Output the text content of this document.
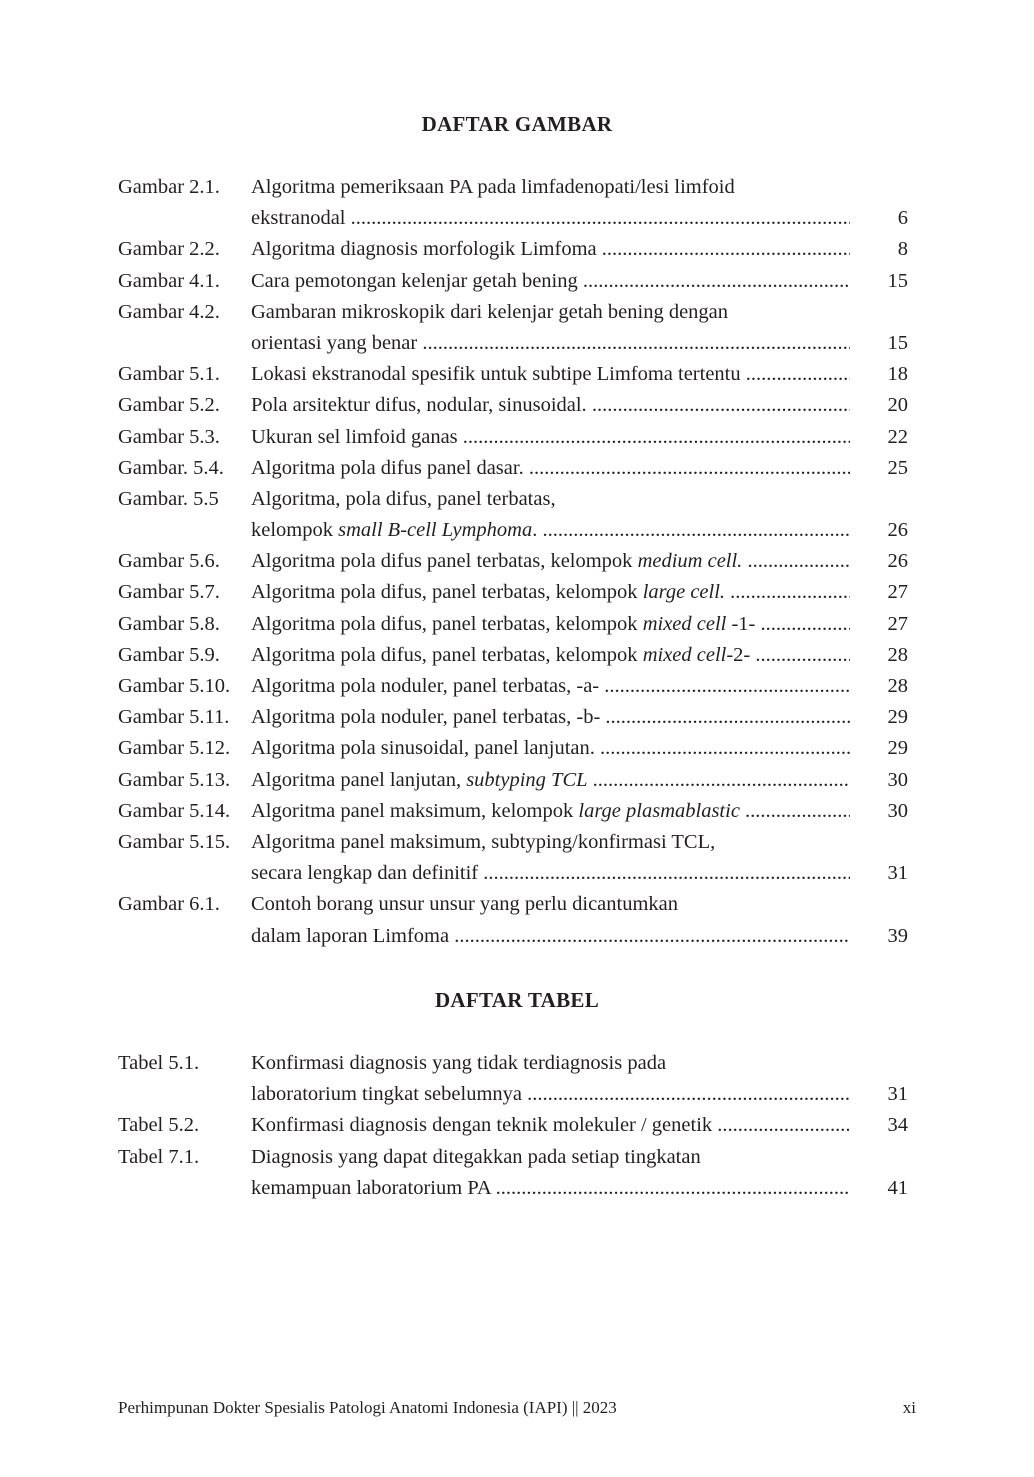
DAFTAR GAMBAR
Gambar 2.1. Algoritma pemeriksaan PA pada limfadenopati/lesi limfoid
ekstranodal .....	6
Gambar 2.2. Algoritma diagnosis morfologik Limfoma .....	8
Gambar 4.1. Cara pemotongan kelenjar getah bening .....	15
Gambar 4.2. Gambaran mikroskopik dari kelenjar getah bening dengan
orientasi yang benar .....	15
Gambar 5.1. Lokasi ekstranodal spesifik untuk subtipe Limfoma tertentu .....	18
Gambar 5.2. Pola arsitektur difus, nodular, sinusoidal. .....	20
Gambar 5.3. Ukuran sel limfoid ganas .....	22
Gambar. 5.4. Algoritma pola difus panel dasar. .....	25
Gambar. 5.5 Algoritma, pola difus, panel terbatas,
kelompok small B-cell Lymphoma. .....	26
Gambar 5.6. Algoritma pola difus panel terbatas, kelompok medium cell. .....	26
Gambar 5.7. Algoritma pola difus, panel terbatas, kelompok large cell. .....	27
Gambar 5.8. Algoritma pola difus, panel terbatas, kelompok mixed cell -1- .....	27
Gambar 5.9. Algoritma pola difus, panel terbatas, kelompok mixed cell-2- .....	28
Gambar 5.10. Algoritma pola noduler, panel terbatas, -a- .....	28
Gambar 5.11. Algoritma pola noduler, panel terbatas, -b- .....	29
Gambar 5.12. Algoritma pola sinusoidal, panel lanjutan. .....	29
Gambar 5.13. Algoritma panel lanjutan, subtyping TCL .....	30
Gambar 5.14. Algoritma panel maksimum, kelompok large plasmablastic .....	30
Gambar 5.15. Algoritma panel maksimum, subtyping/konfirmasi TCL,
secara lengkap dan definitif .....	31
Gambar 6.1. Contoh borang unsur unsur yang perlu dicantumkan
dalam laporan Limfoma .....	39
DAFTAR TABEL
Tabel 5.1.	Konfirmasi diagnosis yang tidak terdiagnosis pada
laboratorium tingkat sebelumnya .....	31
Tabel 5.2.	Konfirmasi diagnosis dengan teknik molekuler / genetik .....	34
Tabel 7.1.	Diagnosis yang dapat ditegakkan pada setiap tingkatan
kemampuan laboratorium PA .....	41
Perhimpunan Dokter Spesialis Patologi Anatomi Indonesia (IAPI) || 2023	xi
